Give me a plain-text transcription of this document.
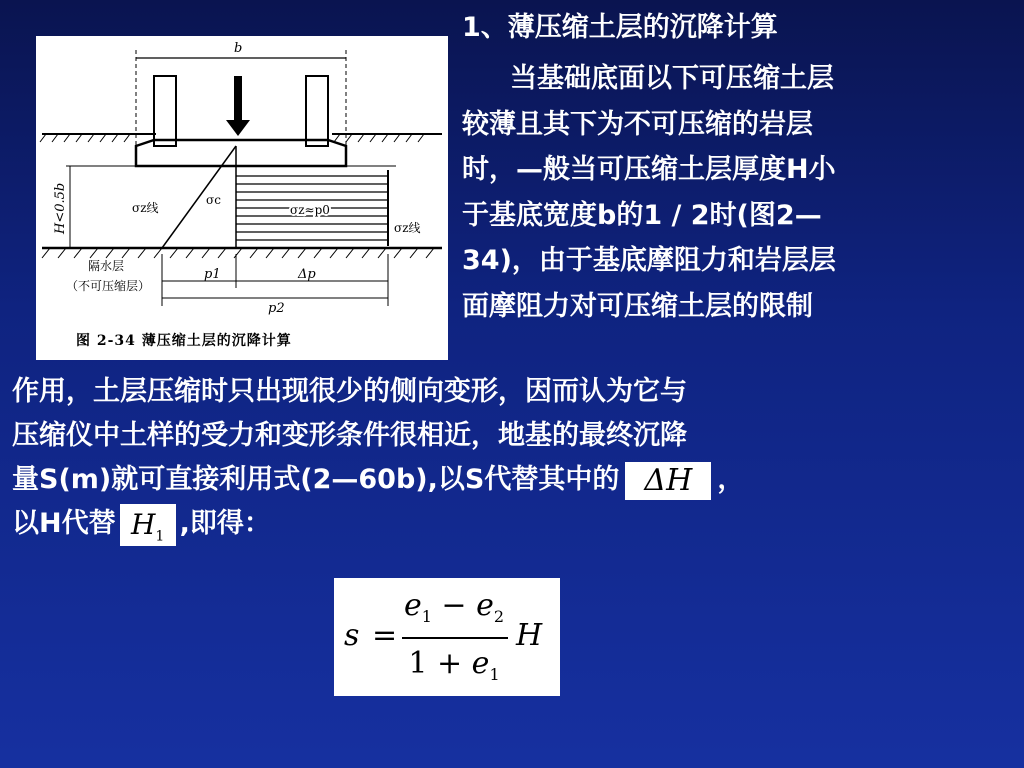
H<0.5b
b
σz线
σc
σz≈p0
σz线
隔水层
（不可压缩层）
p1	Δp
p2
图 2-34 薄压缩土层的沉降计算
1、薄压缩土层的沉降计算
当基础底面以下可压缩土层
较薄且其下为不可压缩的岩层
时，—般当可压缩土层厚度H小
于基底宽度b的1 / 2时(图2—
34)，由于基底摩阻力和岩层层
面摩阻力对可压缩土层的限制
作用，土层压缩时只出现很少的侧向变形，因而认为它与
压缩仪中土样的受力和变形条件很相近，地基的最终沉降
量S(m)就可直接利用式(2—60b),以S代替其中的 ΔH ，
以H代替 $H_1$ ,即得：
s =
$e_1 - e_2$
$1 + e_1$
H
